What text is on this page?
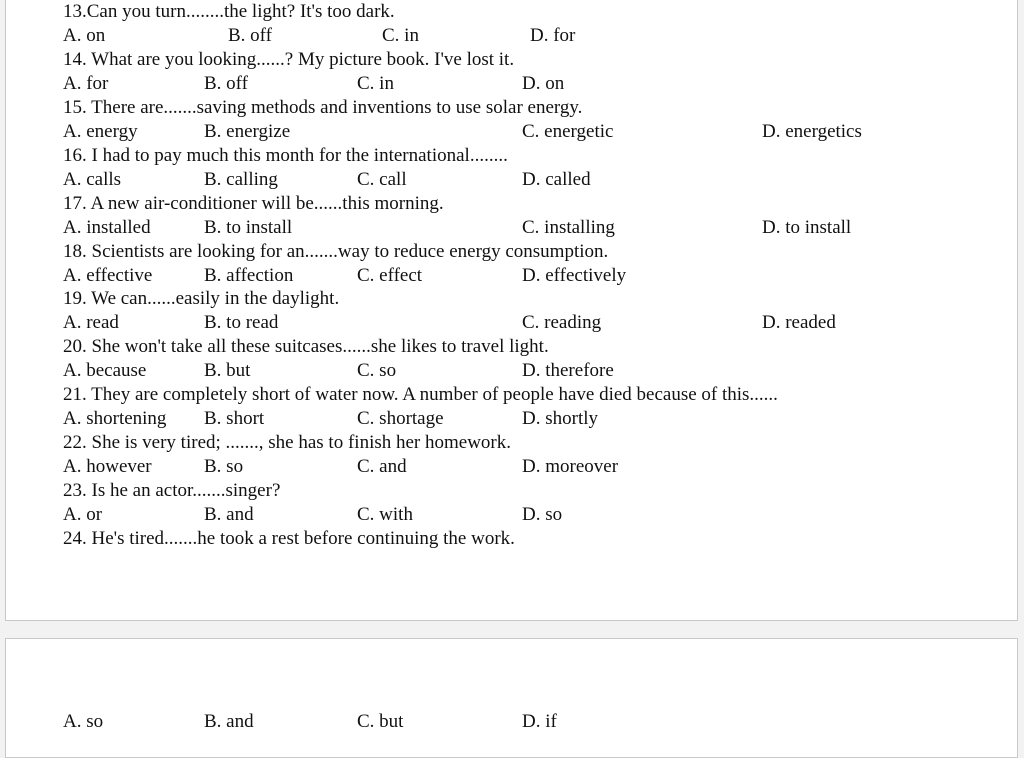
13.Can you turn........the light? It's too dark.
A. on	B. off	C. in	D. for
14. What are you looking......? My picture book. I've lost it.
A. for	B. off	C. in	D. on
15. There are.......saving methods and inventions to use solar energy.
A. energy	B. energize	C. energetic	D. energetics
16. I had to pay much this month for the international........
A. calls	B. calling	C. call	D. called
17. A new air-conditioner will be......this morning.
A. installed	B. to install	C. installing	D. to install
18. Scientists are looking for an.......way to reduce energy consumption.
A. effective	B. affection	C. effect	D. effectively
19. We can......easily in the daylight.
A. read	B. to read	C. reading	D. readed
20. She won't take all these suitcases......she likes to travel light.
A. because	B. but	C. so	D. therefore
21. They are completely short of water now. A number of people have died because of this......
A. shortening B. short	C. shortage	D. shortly
22. She is very tired; ......., she has to finish her homework.
A. however	B. so	C. and	D. moreover
23. Is he an actor.......singer?
A. or	B. and	C. with	D. so
24. He's tired.......he took a rest before continuing the work.
A. so	B. and	C. but	D. if
